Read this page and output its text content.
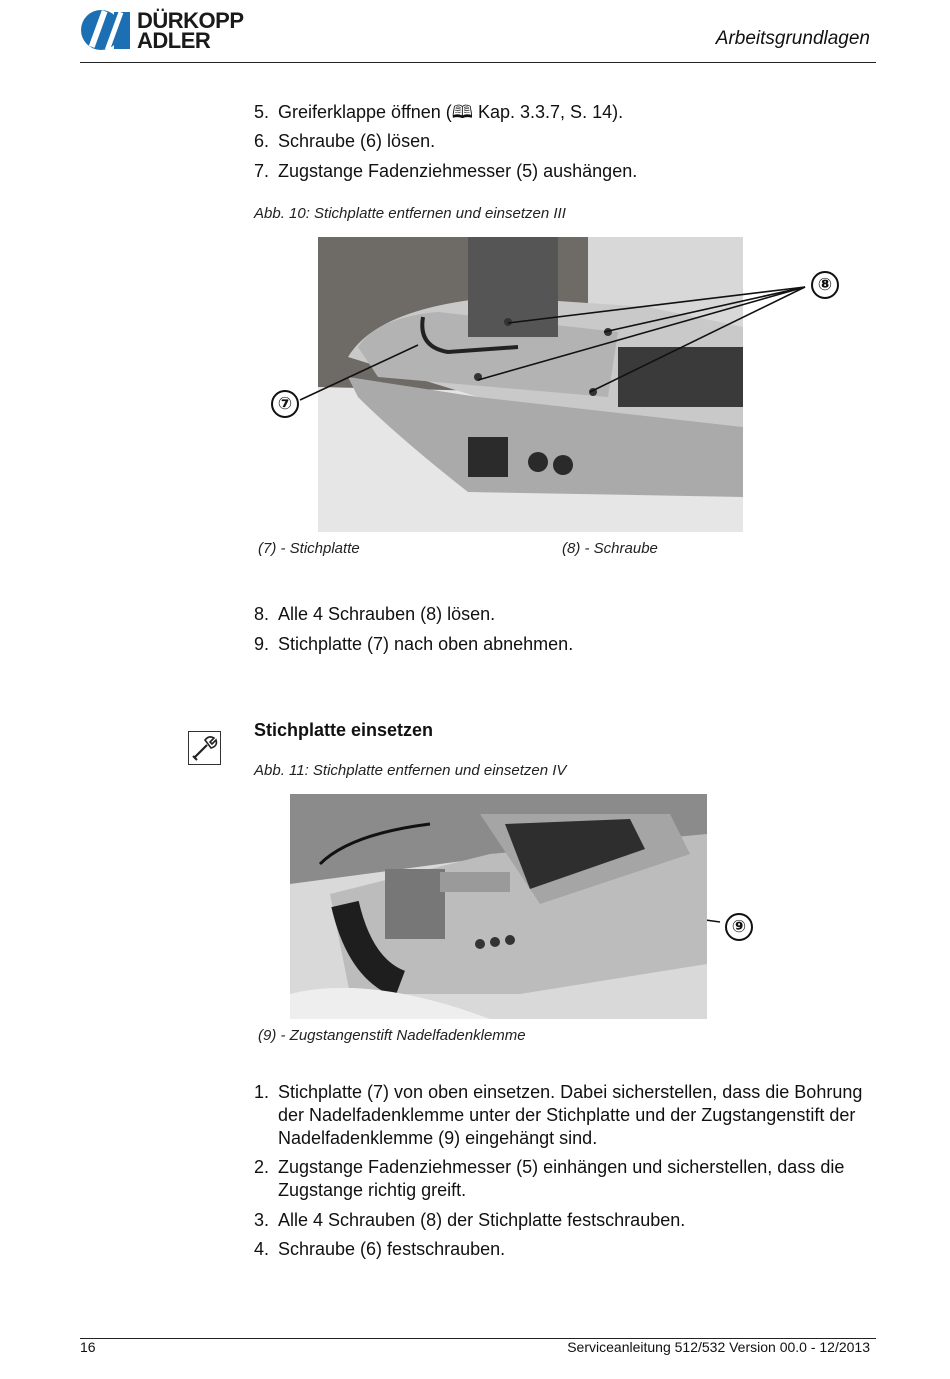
DÜRKOPP
ADLER	Arbeitsgrundlagen
5. Greiferklappe öffnen (🕮 Kap. 3.3.7, S. 14).
6. Schraube (6) lösen.
7. Zugstange Fadenziehmesser (5) aushängen.
Abb. 10: Stichplatte entfernen und einsetzen III
⑦
⑧
(7) - Stichplatte	(8) - Schraube
8. Alle 4 Schrauben (8) lösen.
9. Stichplatte (7) nach oben abnehmen.
Stichplatte einsetzen
Abb. 11: Stichplatte entfernen und einsetzen IV
⑨
(9) - Zugstangenstift Nadelfadenklemme
1. Stichplatte (7) von oben einsetzen. Dabei sicherstellen, dass die Bohrung der Nadelfadenklemme unter der Stichplatte und der Zugstangenstift der Nadelfadenklemme (9) eingehängt sind.
2. Zugstange Fadenziehmesser (5) einhängen und sicherstellen, dass die Zugstange richtig greift.
3. Alle 4 Schrauben (8) der Stichplatte festschrauben.
4. Schraube (6) festschrauben.
16	Serviceanleitung 512/532 Version 00.0 - 12/2013
